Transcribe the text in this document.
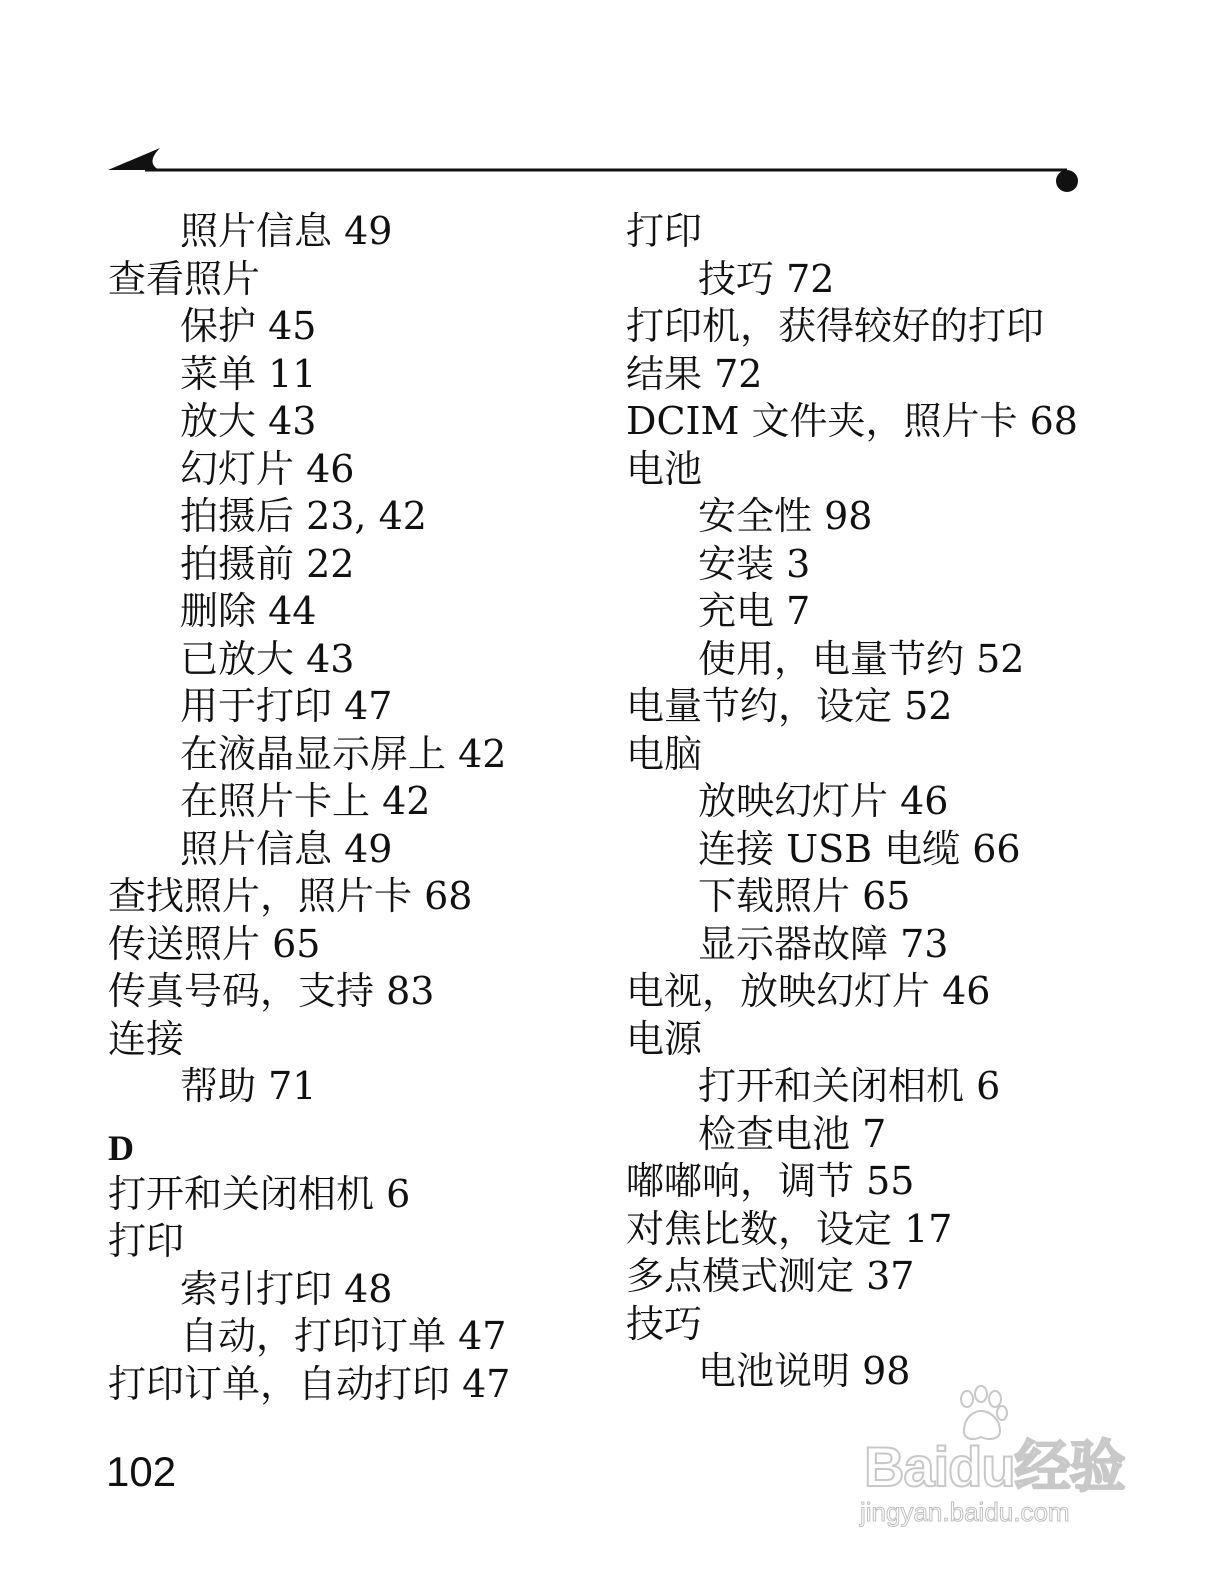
照片信息 49
查看照片
保护 45
菜单 11
放大 43
幻灯片 46
拍摄后 23, 42
拍摄前 22
删除 44
已放大 43
用于打印 47
在液晶显示屏上 42
在照片卡上 42
照片信息 49
查找照片，照片卡 68
传送照片 65
传真号码，支持 83
连接
帮助 71
D
打开和关闭相机 6
打印
索引打印 48
自动，打印订单 47
打印订单，自动打印 47
打印
技巧 72
打印机，获得较好的打印
结果 72
DCIM 文件夹，照片卡 68
电池
安全性 98
安装 3
充电 7
使用，电量节约 52
电量节约，设定 52
电脑
放映幻灯片 46
连接 USB 电缆 66
下载照片 65
显示器故障 73
电视，放映幻灯片 46
电源
打开和关闭相机 6
检查电池 7
嘟嘟响，调节 55
对焦比数，设定 17
多点模式测定 37
技巧
电池说明 98
102	Baidu经验
jingyan.baidu.com
